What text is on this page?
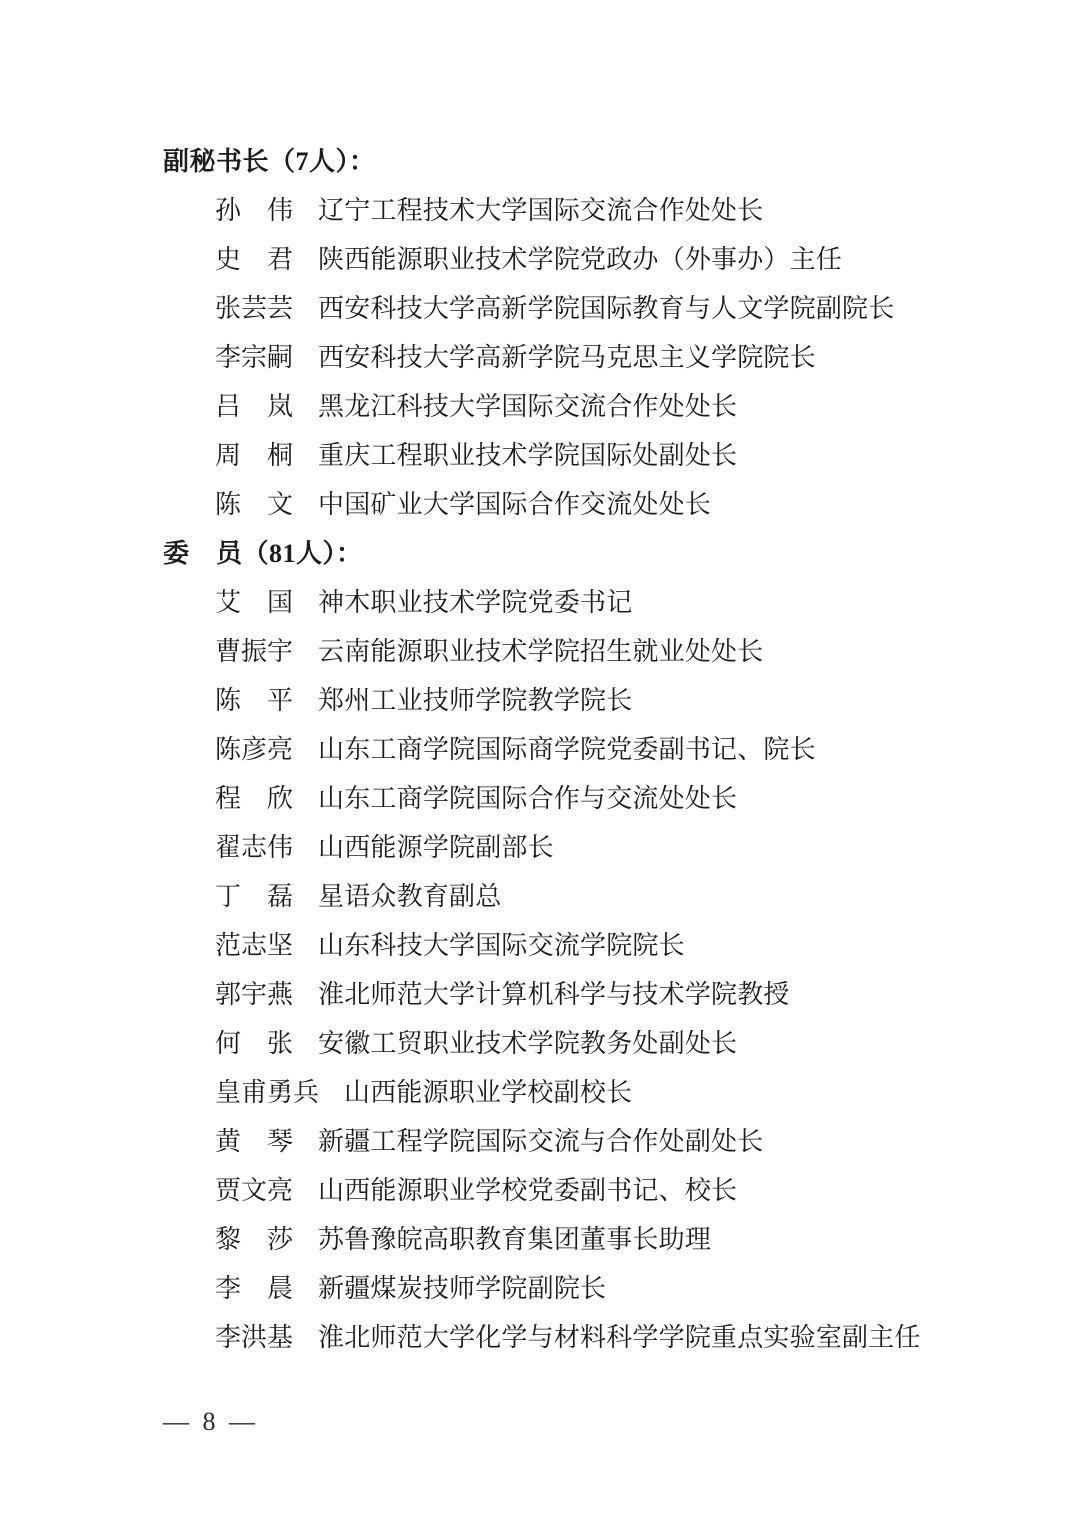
副秘书长（7人）：
孙　伟 辽宁工程技术大学国际交流合作处处长
史　君 陕西能源职业技术学院党政办（外事办）主任
张芸芸 西安科技大学高新学院国际教育与人文学院副院长
李宗嗣 西安科技大学高新学院马克思主义学院院长
吕　岚 黑龙江科技大学国际交流合作处处长
周　桐 重庆工程职业技术学院国际处副处长
陈　文 中国矿业大学国际合作交流处处长
委　员（81人）：
艾　国 神木职业技术学院党委书记
曹振宇 云南能源职业技术学院招生就业处处长
陈　平 郑州工业技师学院教学院长
陈彦亮 山东工商学院国际商学院党委副书记、院长
程　欣 山东工商学院国际合作与交流处处长
翟志伟 山西能源学院副部长
丁　磊 星语众教育副总
范志坚 山东科技大学国际交流学院院长
郭宇燕 淮北师范大学计算机科学与技术学院教授
何　张 安徽工贸职业技术学院教务处副处长
皇甫勇兵 山西能源职业学校副校长
黄　琴 新疆工程学院国际交流与合作处副处长
贾文亮 山西能源职业学校党委副书记、校长
黎　莎 苏鲁豫皖高职教育集团董事长助理
李　晨 新疆煤炭技师学院副院长
李洪基 淮北师范大学化学与材料科学学院重点实验室副主任
— 8 —
